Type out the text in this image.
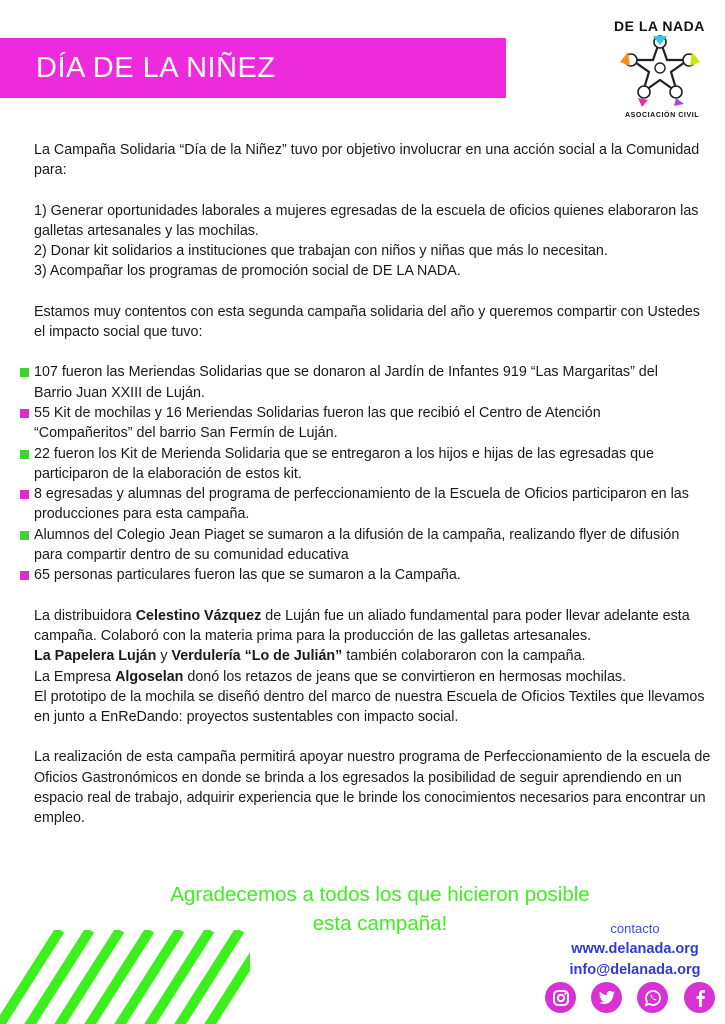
DÍA DE LA NIÑEZ
DE LA NADA
ASOCIACIÓN CIVIL

La Campaña Solidaria “Día de la Niñez” tuvo por objetivo involucrar en una acción social a la Comunidad para:

1) Generar oportunidades laborales a mujeres egresadas de la escuela de oficios quienes elaboraron las galletas artesanales y las mochilas.

2) Donar kit solidarios a instituciones que trabajan con niños y niñas que más lo necesitan.

3) Acompañar los programas de promoción social de DE LA NADA.

Estamos muy contentos con esta segunda campaña solidaria del año y queremos compartir con Ustedes el impacto social que tuvo:

107 fueron las Meriendas Solidarias que se donaron al Jardín de Infantes 919 “Las Margaritas” del Barrio Juan XXIII de Luján.
55 Kit de mochilas y 16 Meriendas Solidarias fueron las que recibió el Centro de Atención “Compañeritos” del barrio San Fermín de Luján.
22 fueron los Kit de Merienda Solidaria que se entregaron a los hijos e hijas de las egresadas que participaron de la elaboración de estos kit.
8 egresadas y alumnas del programa de perfeccionamiento de la Escuela de Oficios participaron en las producciones para esta campaña.
Alumnos del Colegio Jean Piaget se sumaron a la difusión de la campaña, realizando flyer de difusión para compartir dentro de su comunidad educativa
65 personas particulares fueron las que se sumaron a la Campaña.

La distribuidora Celestino Vázquez de Luján fue un aliado fundamental para poder llevar adelante esta campaña. Colaboró con la materia prima para la producción de las galletas artesanales.

La Papelera Luján y Verdulería “Lo de Julián” también colaboraron con la campaña.

La Empresa Algoselan donó los retazos de jeans que se convirtieron en hermosas mochilas.

El prototipo de la mochila se diseñó dentro del marco de nuestra Escuela de Oficios Textiles que llevamos en junto a EnReDando: proyectos sustentables con impacto social.

La realización de esta campaña permitirá apoyar nuestro programa de Perfeccionamiento de la escuela de Oficios Gastronómicos en donde se brinda a los egresados la posibilidad de seguir aprendiendo en un espacio real de trabajo, adquirir experiencia que le brinde los conocimientos necesarios para encontrar un empleo.

Agradecemos a todos los que hicieron posible
esta campaña!	contacto
www.delanada.org
info@delanada.org
